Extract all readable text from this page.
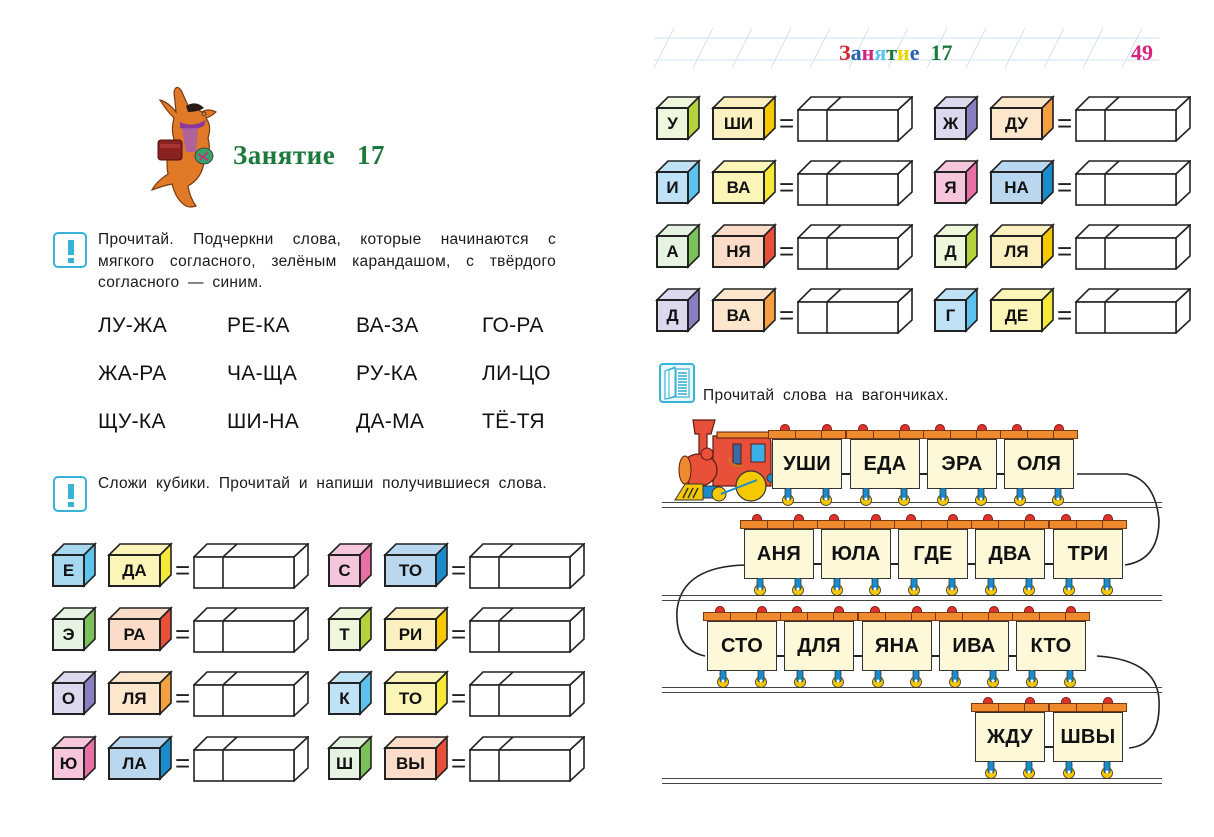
Занятие   17
Прочитай. Подчеркни слова, которые начинаются с мягкого согласного, зелёным карандашом, с твёрдого согласного — синим.
ЛУ-ЖА	РЕ-КА	ВА-ЗА	ГО-РА
ЖА-РА	ЧА-ЩА	РУ-КА	ЛИ-ЦО
ЩУ-КА	ШИ-НА	ДА-МА	ТЁ-ТЯ
Сложи кубики. Прочитай и напиши получившиеся слова.
Е	ДА	=	С	ТО	=
Э	РА	=	Т	РИ	=
О	ЛЯ	=	К	ТО	=
Ю	ЛА	=	Ш	ВЫ	=
Занятие 17	49
У	ШИ =	Ж	ДУ	=
И	ВА	=	Я	НА	=
А	НЯ	=	Д	ЛЯ	=
Д	ВА	=	Г	ДЕ	=
Прочитай слова на вагончиках.
УШИ	ЕДА	ЭРА	ОЛЯ
АНЯ	ЮЛА	ГДЕ	ДВА	ТРИ
СТО	ДЛЯ	ЯНА	ИВА	КТО
ЖДУ	ШВЫ
